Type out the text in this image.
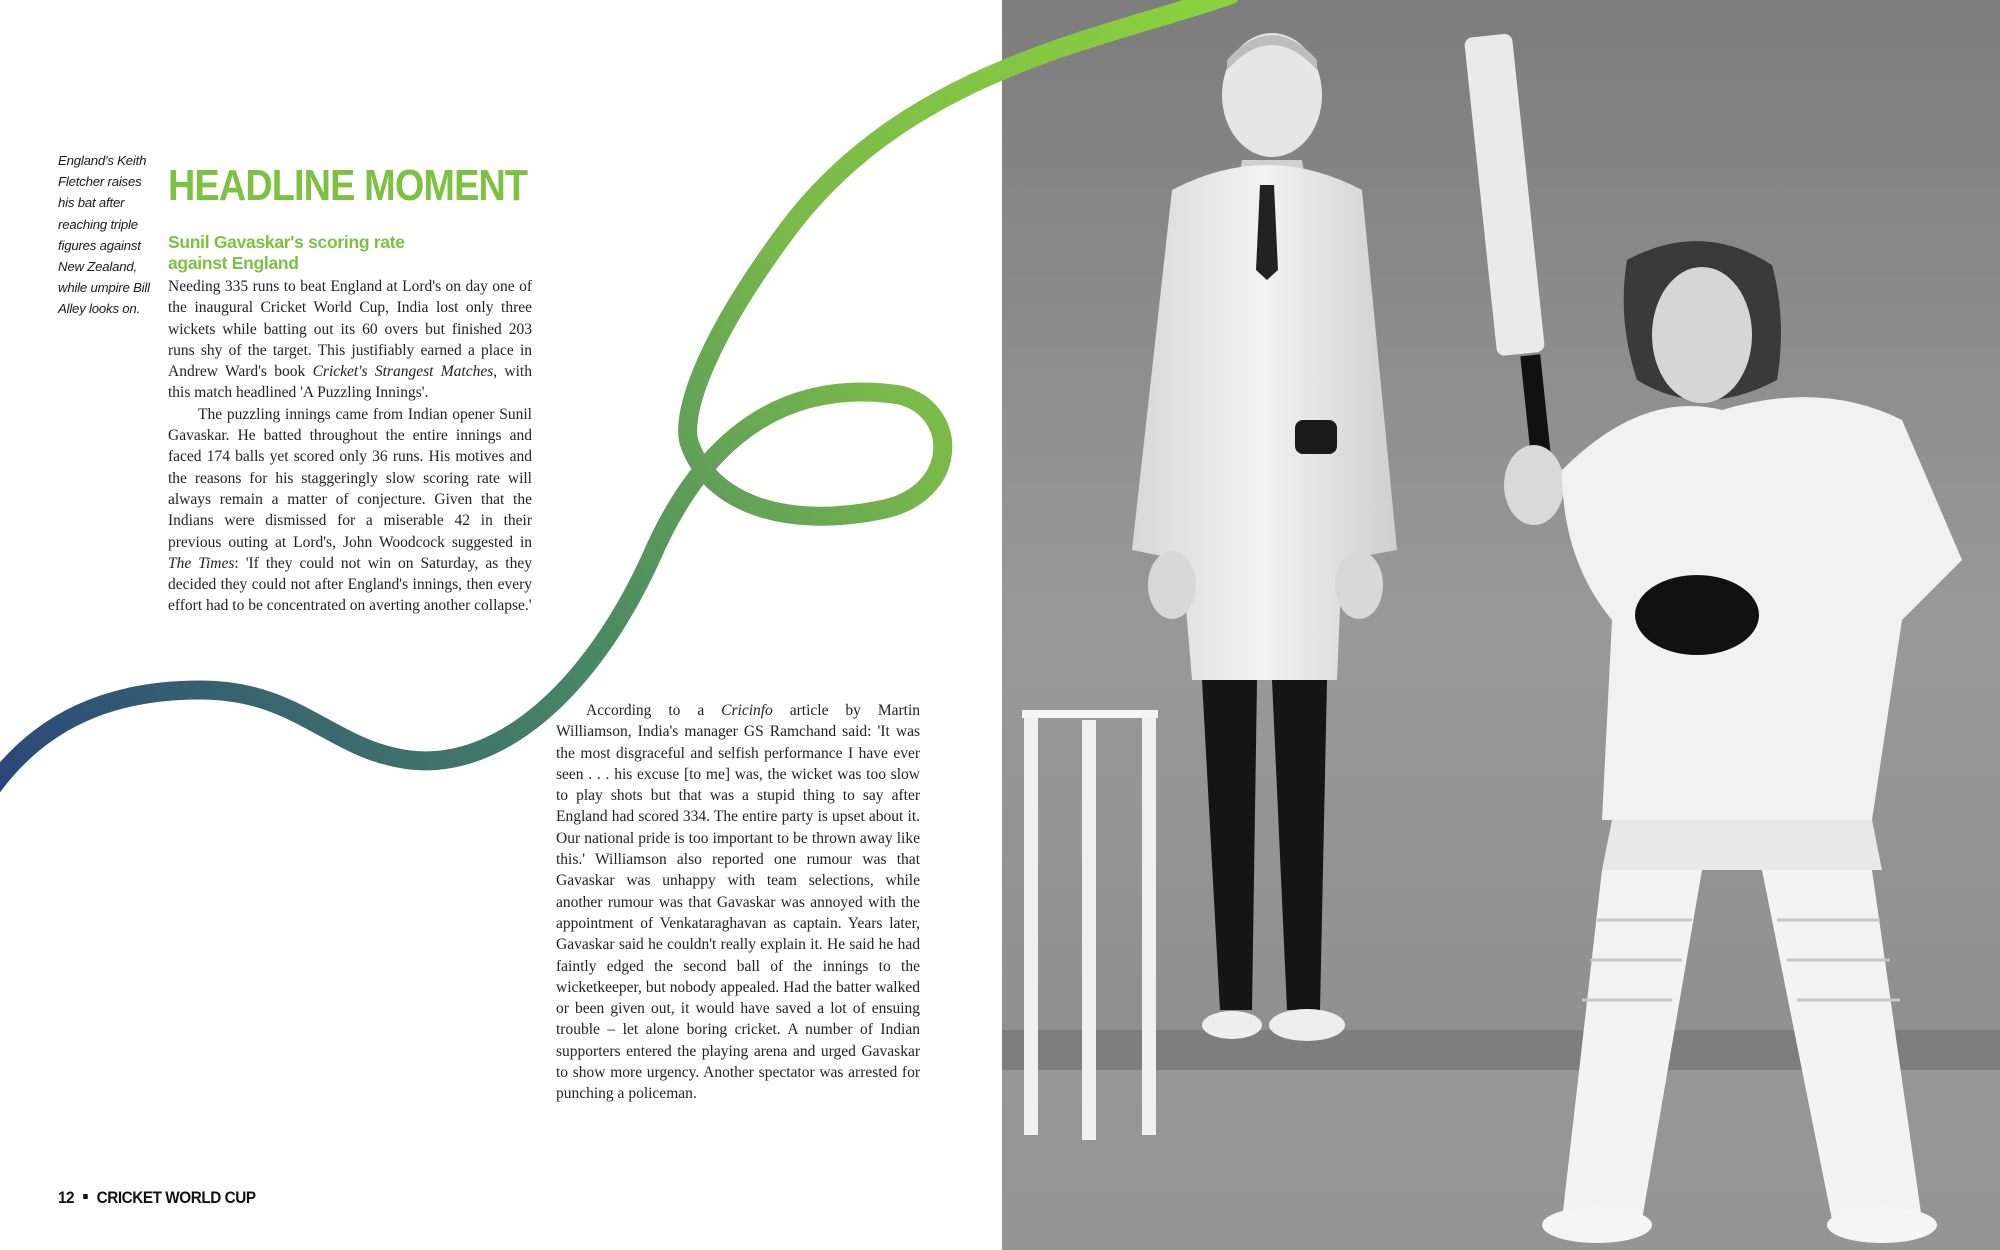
England's Keith Fletcher raises his bat after reaching triple figures against New Zealand, while umpire Bill Alley looks on.
HEADLINE MOMENT
Sunil Gavaskar's scoring rate against England

Needing 335 runs to beat England at Lord's on day one of the inaugural Cricket World Cup, India lost only three wickets while batting out its 60 overs but finished 203 runs shy of the target. This justifiably earned a place in Andrew Ward's book Cricket's Strangest Matches, with this match headlined 'A Puzzling Innings'.

The puzzling innings came from Indian opener Sunil Gavaskar. He batted throughout the entire innings and faced 174 balls yet scored only 36 runs. His motives and the reasons for his staggeringly slow scoring rate will always remain a matter of conjecture. Given that the Indians were dismissed for a miserable 42 in their previous outing at Lord's, John Woodcock suggested in The Times: 'If they could not win on Saturday, as they decided they could not after England's innings, then every effort had to be concentrated on averting another collapse.'

According to a Cricinfo article by Martin Williamson, India's manager GS Ramchand said: 'It was the most disgraceful and selfish performance I have ever seen . . . his excuse [to me] was, the wicket was too slow to play shots but that was a stupid thing to say after England had scored 334. The entire party is upset about it. Our national pride is too important to be thrown away like this.' Williamson also reported one rumour was that Gavaskar was unhappy with team selections, while another rumour was that Gavaskar was annoyed with the appointment of Venkataraghavan as captain. Years later, Gavaskar said he couldn't really explain it. He said he had faintly edged the second ball of the innings to the wicketkeeper, but nobody appealed. Had the batter walked or been given out, it would have saved a lot of ensuing trouble – let alone boring cricket. A number of Indian supporters entered the playing arena and urged Gavaskar to show more urgency. Another spectator was arrested for punching a policeman.

12 CRICKET WORLD CUP
